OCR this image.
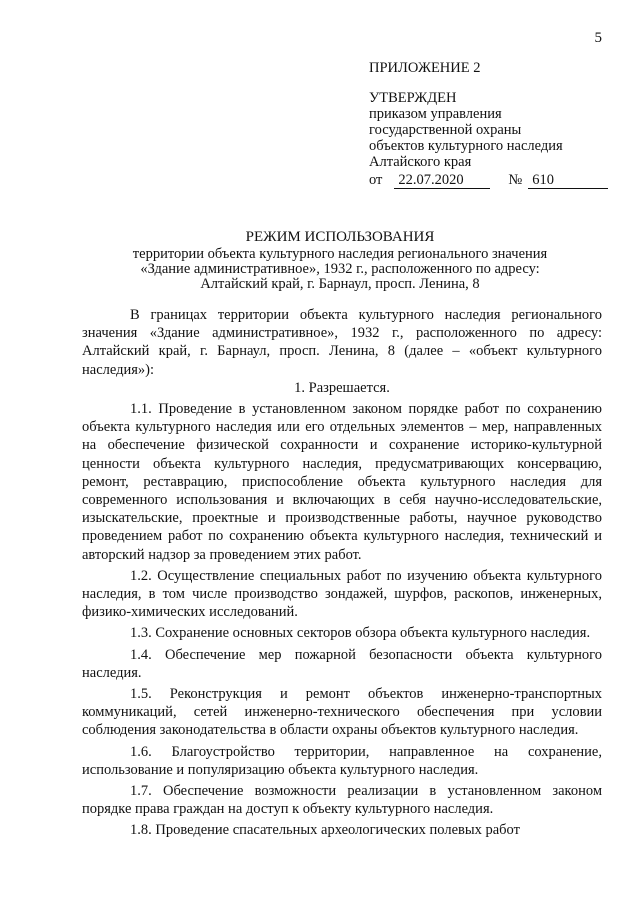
5
ПРИЛОЖЕНИЕ 2
УТВЕРЖДЕН
приказом управления
государственной охраны
объектов культурного наследия
Алтайского края
от 22.07.2020	№ 610
РЕЖИМ ИСПОЛЬЗОВАНИЯ
территории объекта культурного наследия регионального значения
«Здание административное», 1932 г., расположенного по адресу:
Алтайский край, г. Барнаул, просп. Ленина, 8

В границах территории объекта культурного наследия регионального значения «Здание административное», 1932 г., расположенного по адресу: Алтайский край, г. Барнаул, просп. Ленина, 8 (далее – «объект культурного наследия»):

1. Разрешается.

1.1. Проведение в установленном законом порядке работ по сохранению объекта культурного наследия или его отдельных элементов – мер, направленных на обеспечение физической сохранности и сохранение историко-культурной ценности объекта культурного наследия, предусматривающих консервацию, ремонт, реставрацию, приспособление объекта культурного наследия для современного использования и включающих в себя научно-исследовательские, изыскательские, проектные и производственные работы, научное руководство проведением работ по сохранению объекта культурного наследия, технический и авторский надзор за проведением этих работ.

1.2. Осуществление специальных работ по изучению объекта культурного наследия, в том числе производство зондажей, шурфов, раскопов, инженерных, физико-химических исследований.

1.3. Сохранение основных секторов обзора объекта культурного наследия.

1.4. Обеспечение мер пожарной безопасности объекта культурного наследия.

1.5. Реконструкция и ремонт объектов инженерно-транспортных коммуникаций, сетей инженерно-технического обеспечения при условии соблюдения законодательства в области охраны объектов культурного наследия.

1.6. Благоустройство территории, направленное на сохранение, использование и популяризацию объекта культурного наследия.

1.7. Обеспечение возможности реализации в установленном законом порядке права граждан на доступ к объекту культурного наследия.

1.8. Проведение спасательных археологических полевых работ
